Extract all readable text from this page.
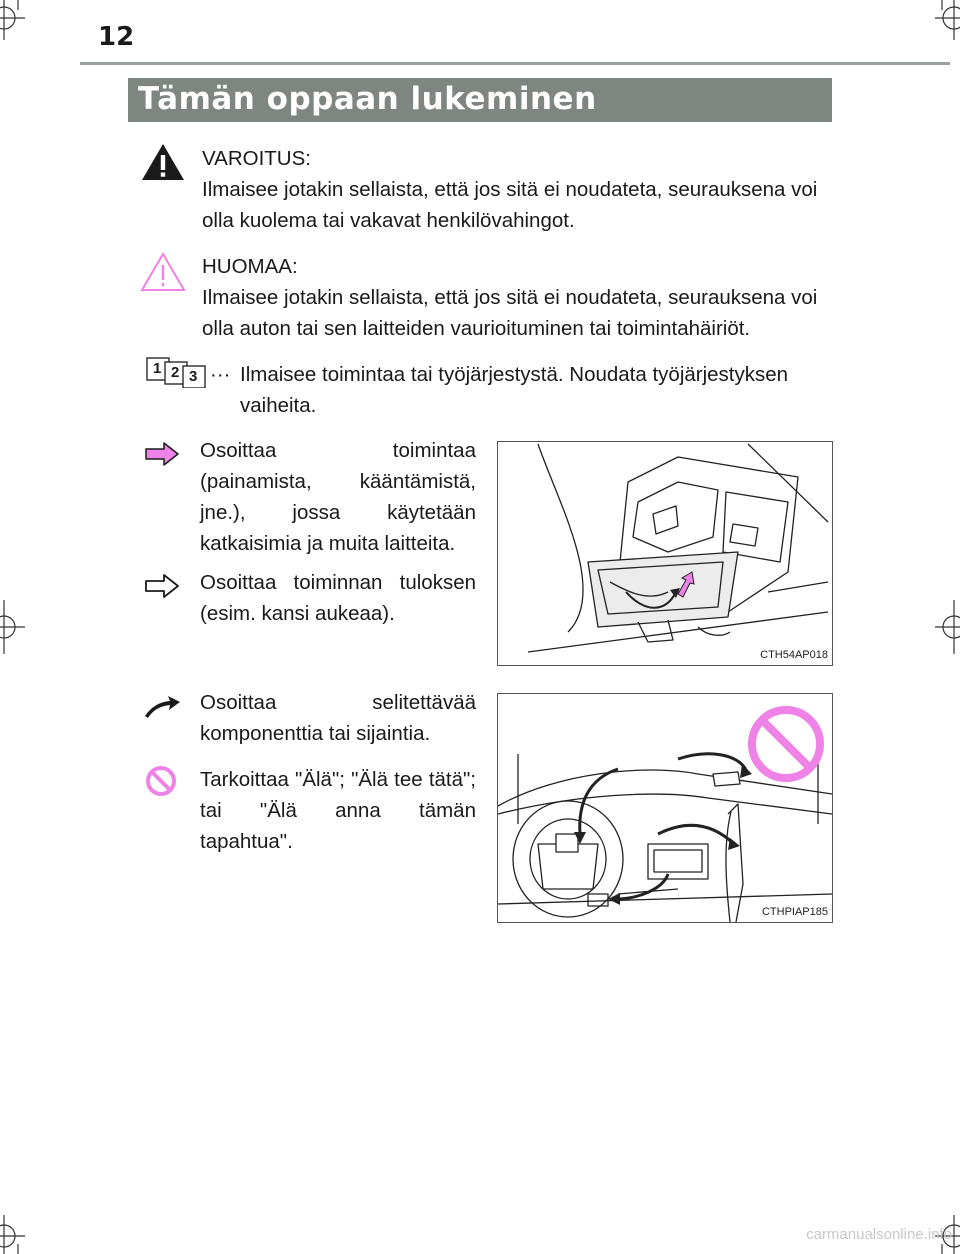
12
Tämän oppaan lukeminen
VAROITUS:
Ilmaisee jotakin sellaista, että jos sitä ei noudateta, seurauksena voi olla kuolema tai vakavat henkilövahingot.
HUOMAA:
Ilmaisee jotakin sellaista, että jos sitä ei noudateta, seurauksena voi olla auton tai sen laitteiden vaurioituminen tai toimintahäiriöt.
1 2 3 ··· Ilmaisee toimintaa tai työjärjestystä. Noudata työjärjestyksen vaiheita.
Osoittaa toimintaa (painamista, kääntämistä, jne.), jossa käytetään katkaisimia ja muita laitteita.
Osoittaa toiminnan tuloksen (esim. kansi aukeaa).
CTH54AP018
Osoittaa selitettävää komponenttia tai sijaintia.
Tarkoittaa "Älä"; "Älä tee tätä"; tai "Älä anna tämän tapahtua".
CTHPIAP185
carmanualsonline.info
